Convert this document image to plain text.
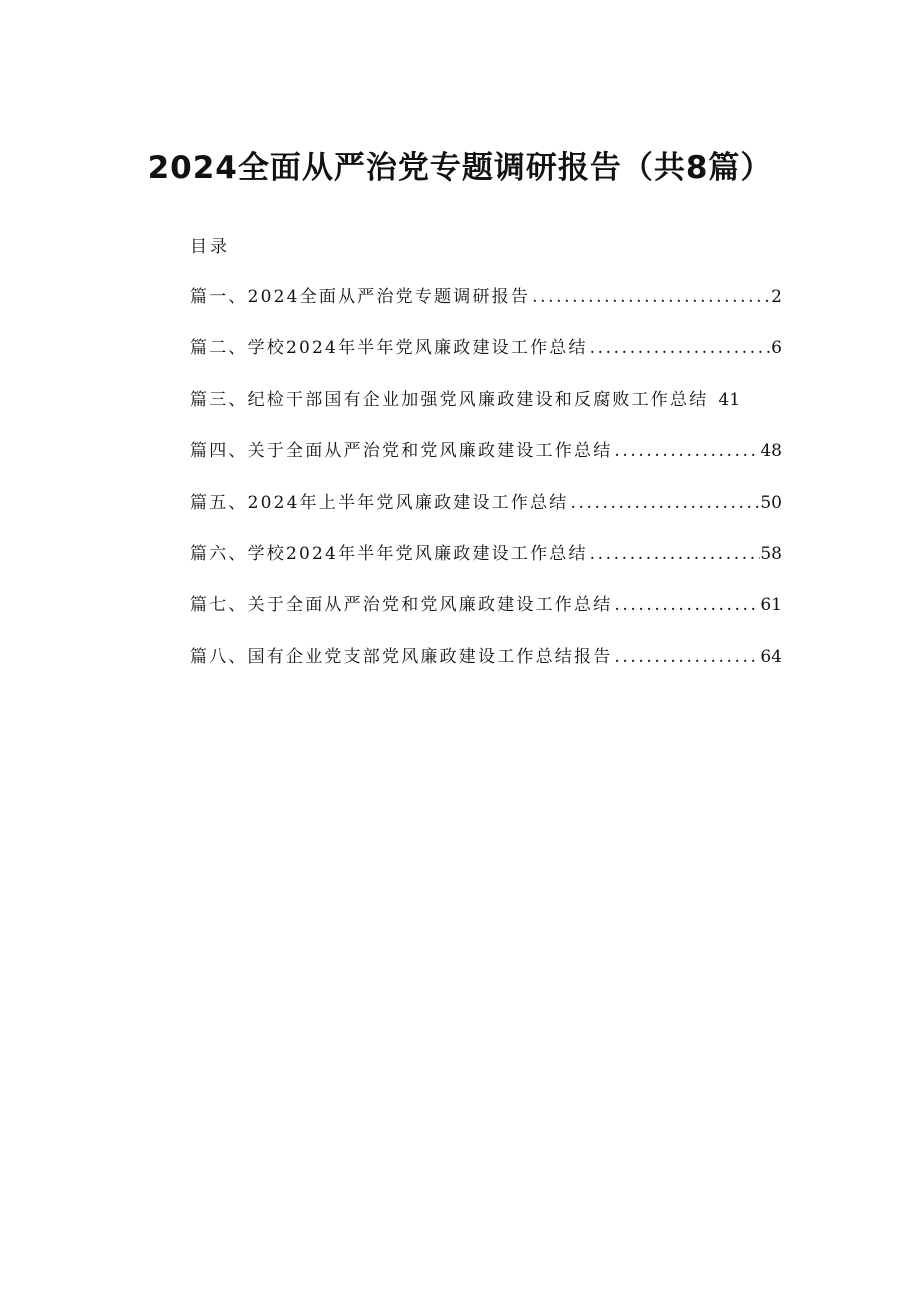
2024全面从严治党专题调研报告（共8篇）
目录
篇一、2024全面从严治党专题调研报告 .....	2
篇二、学校2024年半年党风廉政建设工作总结 .....	6
篇三、纪检干部国有企业加强党风廉政建设和反腐败工作总结 41
篇四、关于全面从严治党和党风廉政建设工作总结 .....	48
篇五、2024年上半年党风廉政建设工作总结 .....	50
篇六、学校2024年半年党风廉政建设工作总结 .....	58
篇七、关于全面从严治党和党风廉政建设工作总结 .....	61
篇八、国有企业党支部党风廉政建设工作总结报告 .....	64
